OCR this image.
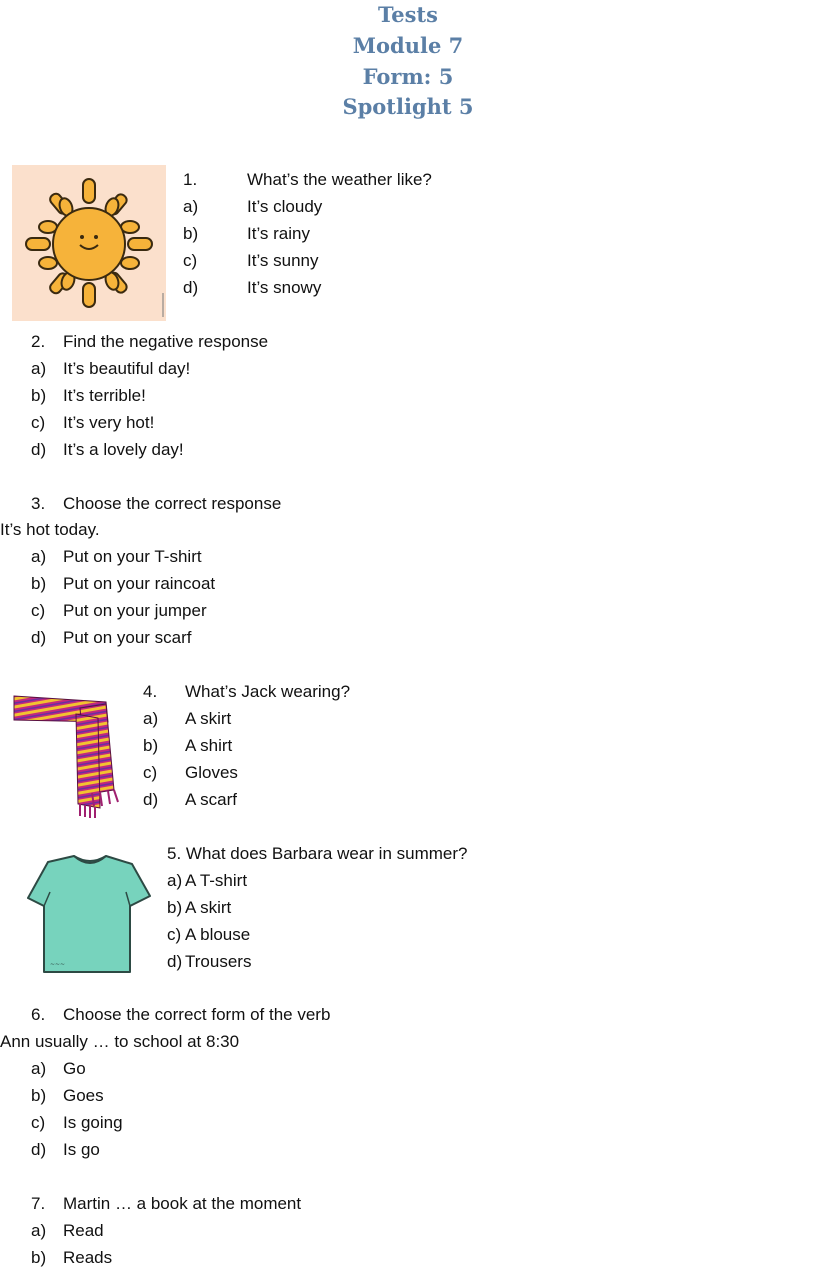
Tests
Module 7
Form: 5
Spotlight 5
1.	What’s the weather like?
a)	It’s cloudy
b)	It’s rainy
c)	It’s sunny
d)	It’s snowy
2. Find the negative response
a) It’s beautiful day!
b) It’s terrible!
c) It’s very hot!
d) It’s a lovely day!
3. Choose the correct response
It’s hot today.
a) Put on your T-shirt
b) Put on your raincoat
c) Put on your jumper
d) Put on your scarf
4. What’s Jack wearing?
a) A skirt
b) A shirt
c) Gloves
d) A scarf
~~~
5. What does Barbara wear in summer?
a) A T-shirt
b) A skirt
c) A blouse
d) Trousers
6. Choose the correct form of the verb
Ann usually … to school at 8:30
a) Go
b) Goes
c) Is going
d) Is go
7. Martin … a book at the moment
a) Read
b) Reads
